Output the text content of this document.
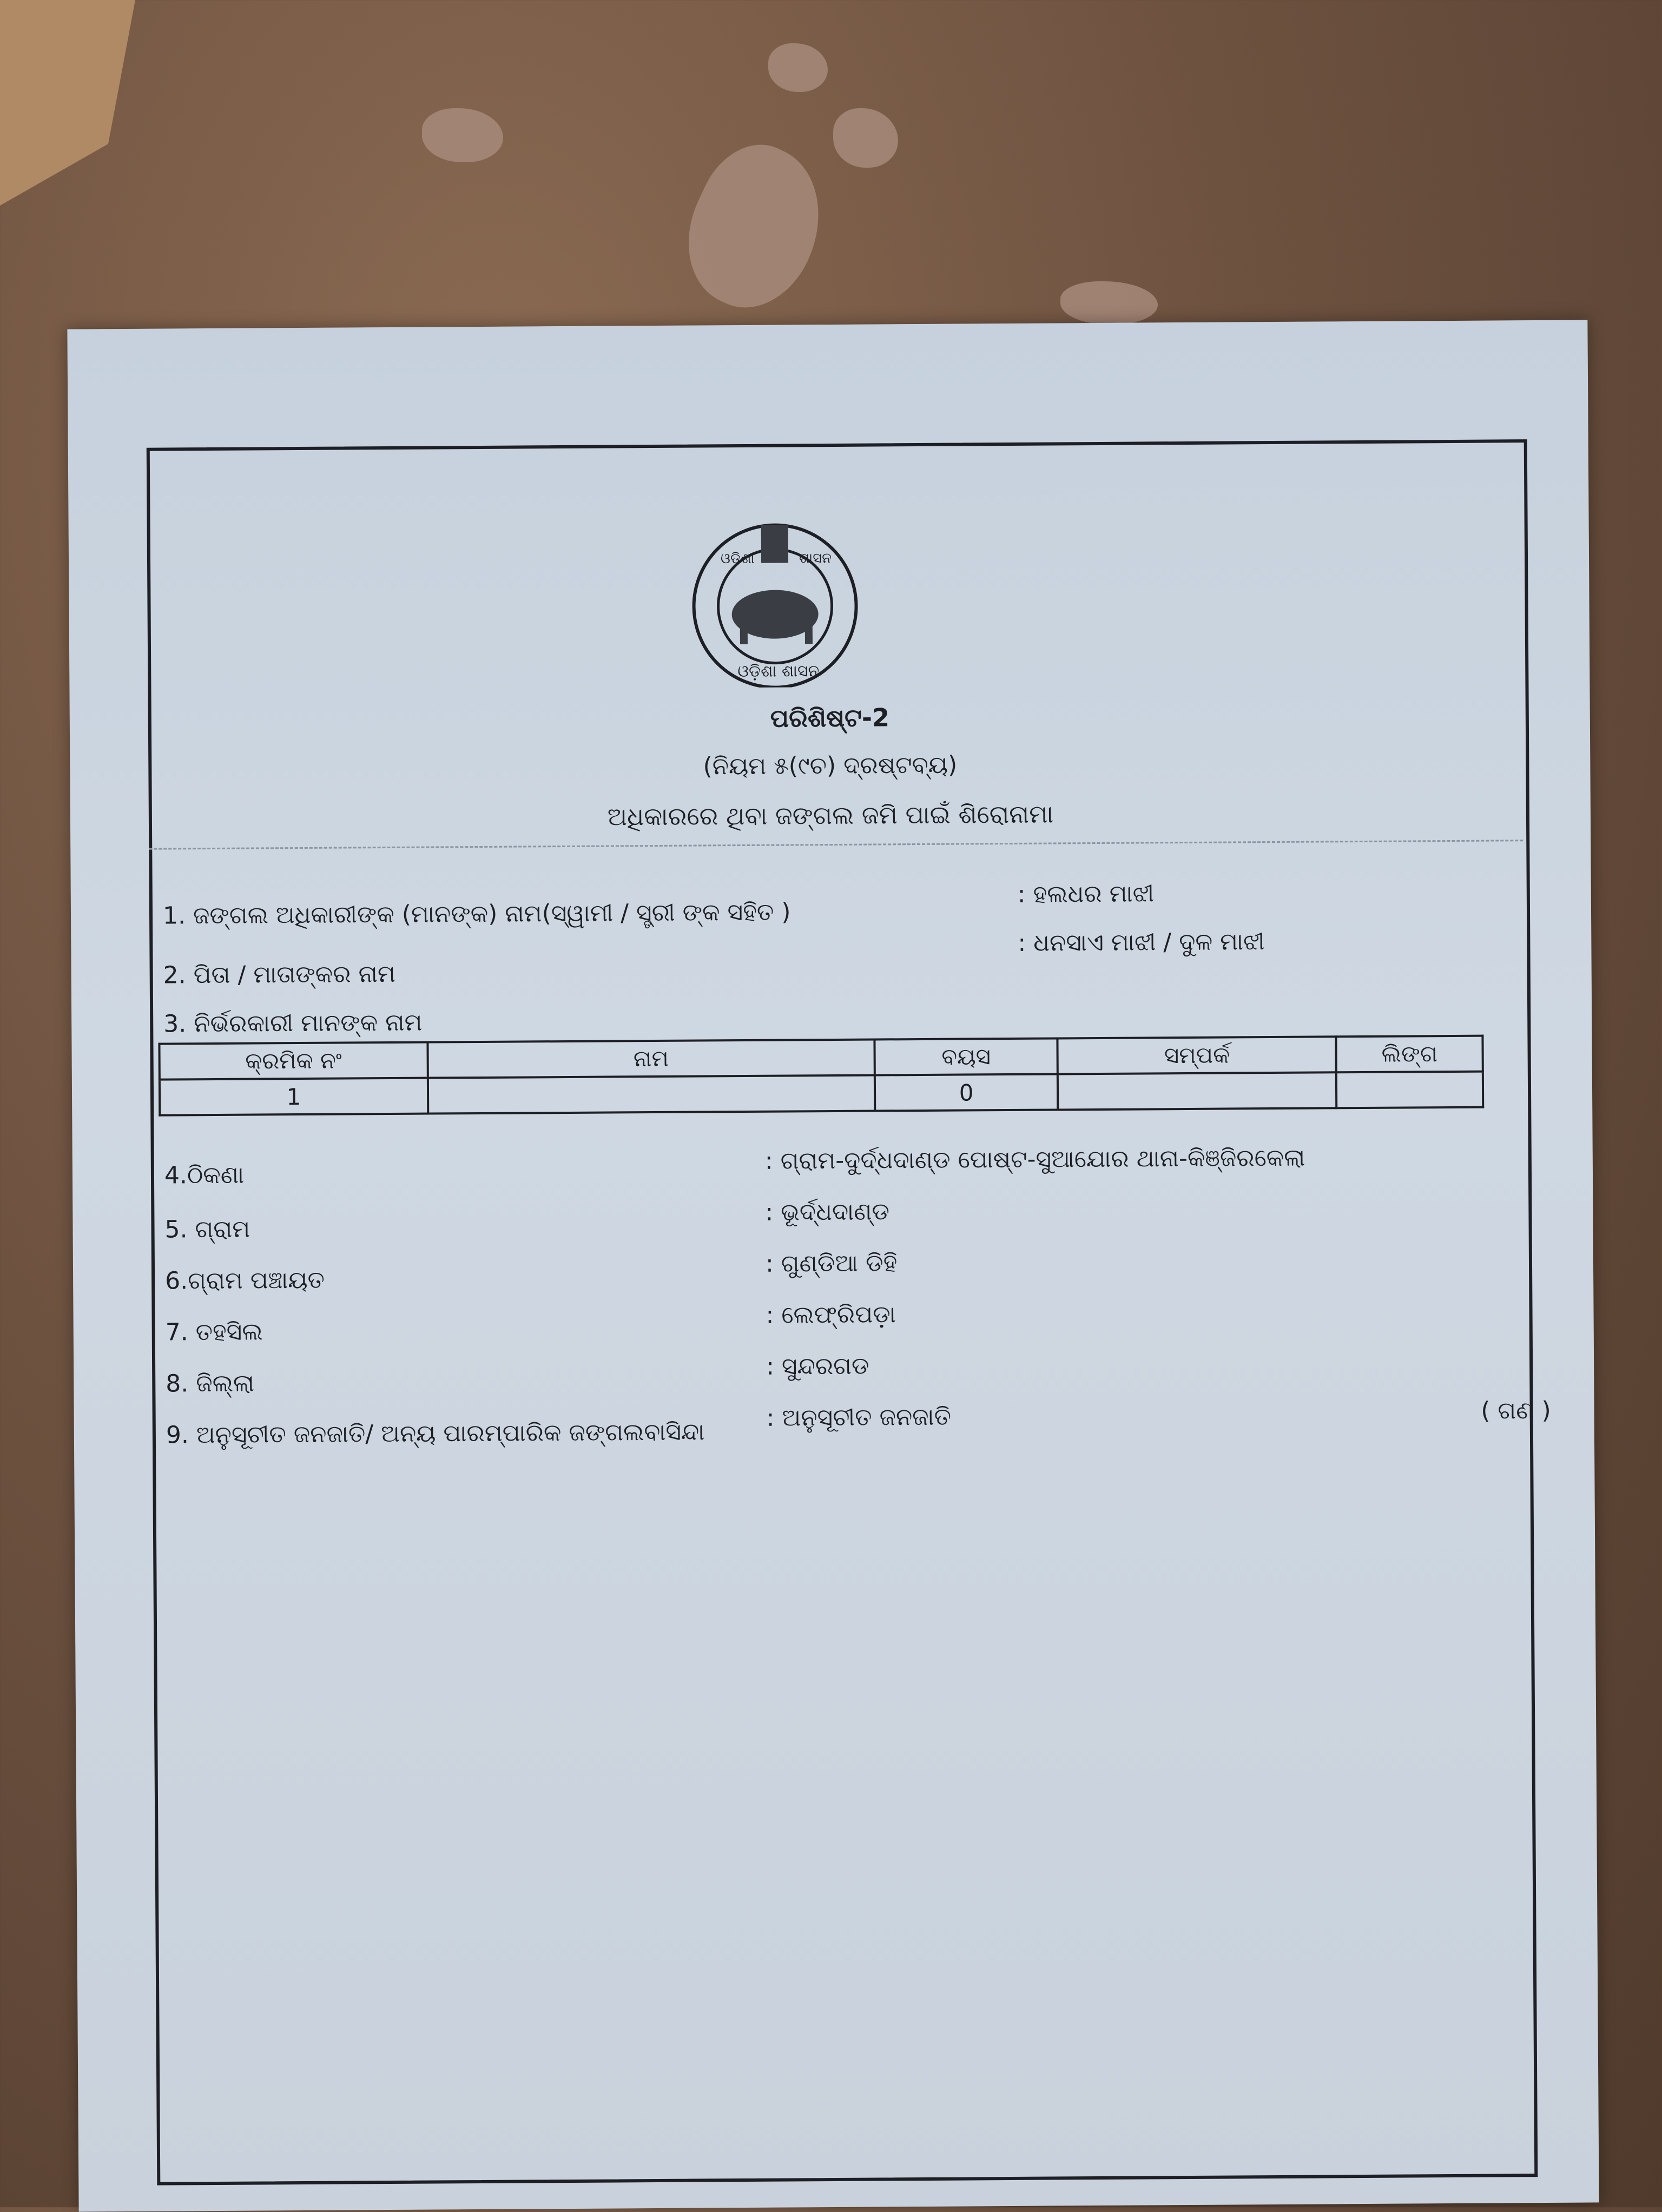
ଓଡ଼ିଶା	ଶାସନ
ଓଡ଼ିଶା ଶାସନ
ପରିଶିଷ୍ଟ-2
(ନିୟମ ୫(୯ଚ) ଦ୍ରଷ୍ଟବ୍ୟ)
ଅଧିକାରରେ ଥିବା ଜଙ୍ଗଲ ଜମି ପାଇଁ ଶିରୋନାମା
1. ଜଙ୍ଗଲ ଅଧିକାରୀଙ୍କ (ମାନଙ୍କ) ନାମ(ସ୍ୱାମୀ / ସ୍ତ୍ରୀ ଙ୍କ ସହିତ )
: ହଲଧର ମାଝୀ
2. ପିତା / ମାତାଙ୍କର ନାମ
: ଧନସାଏ ମାଝୀ / ଦୁଳ ମାଝୀ
3. ନିର୍ଭରକାରୀ ମାନଙ୍କ ନାମ
କ୍ରମିକ ନଂ	ନାମ	ବୟସ	ସମ୍ପର୍କ	ଲିଙ୍ଗ
1		0		
4.ଠିକଣା
: ଗ୍ରାମ-ଦୁର୍ଦ୍ଧଦାଣ୍ଡ ପୋଷ୍ଟ-ସୁଆଯୋର ଥାନା-କିଞ୍ଜିରକେଲା
5. ଗ୍ରାମ
: ଭୂର୍ଦ୍ଧଦାଣ୍ଡ
6.ଗ୍ରାମ ପଞ୍ଚାୟତ
: ଗୁଣ୍ଡିଆ ଡିହି
7. ତହସିଲ
: ଲେଫ୍ରିପଡ଼ା
8. ଜିଲ୍ଲା
: ସୁନ୍ଦରଗଡ
9. ଅନୁସୂଚୀତ ଜନଜାତି/ ଅନ୍ୟ ପାରମ୍ପାରିକ ଜଙ୍ଗଲବାସିନ୍ଦା
: ଅନୁସୂଚୀତ ଜନଜାତି	( ଗଣ )
